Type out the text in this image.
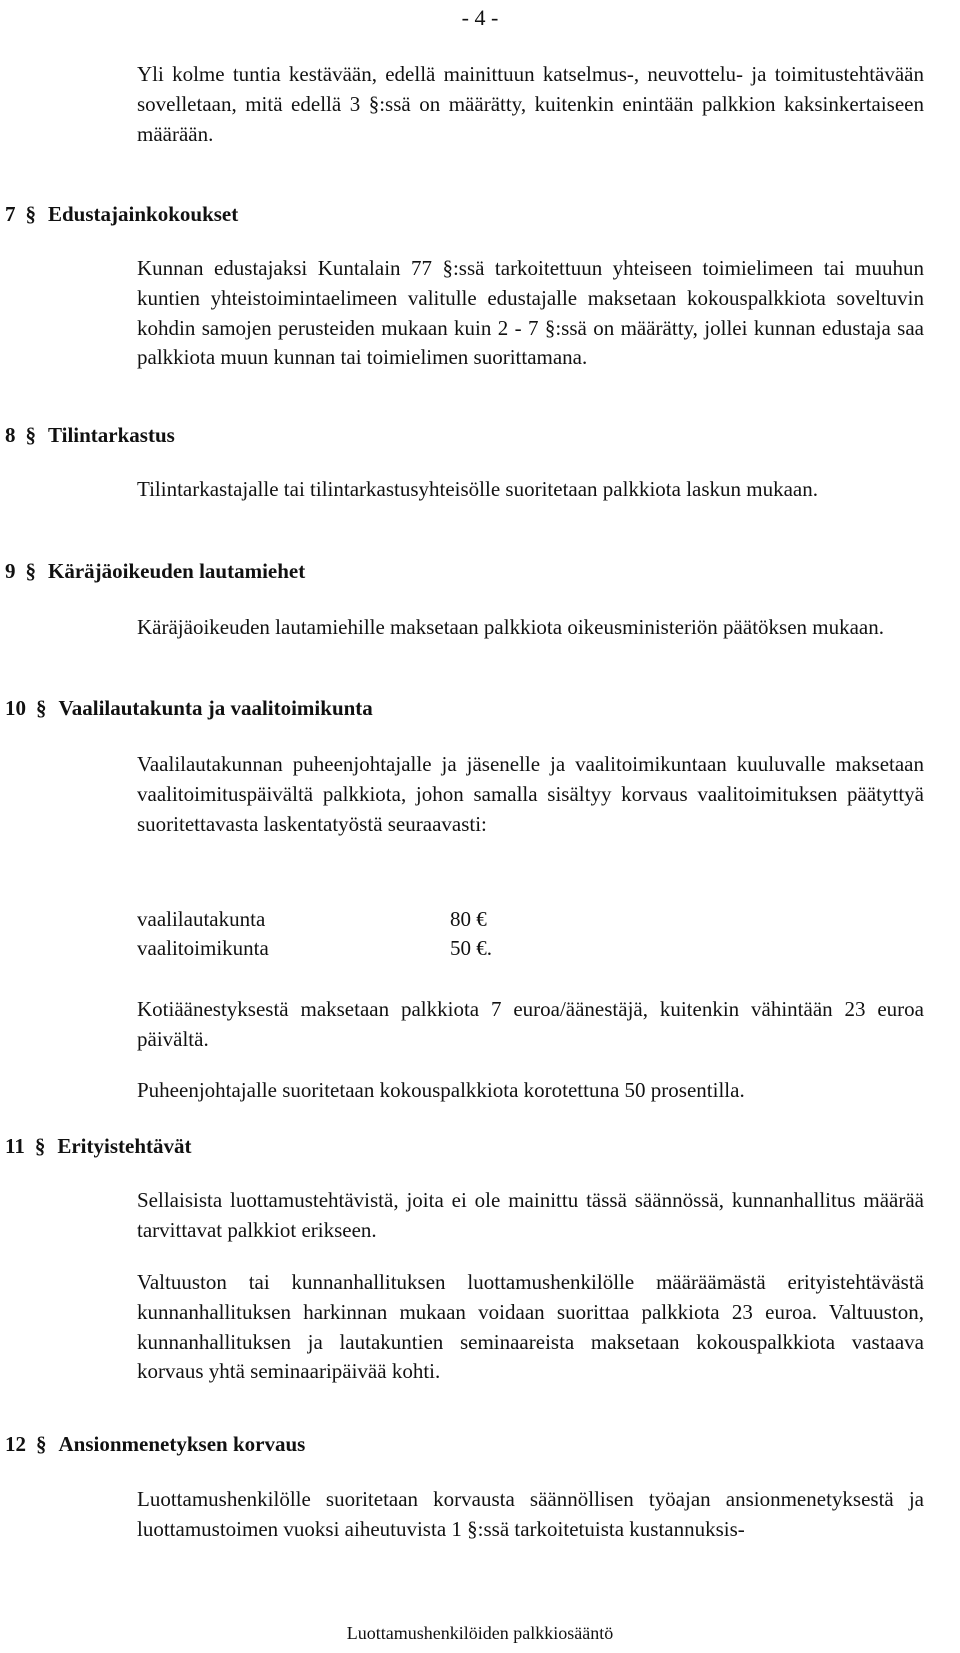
- 4 -

Yli kolme tuntia kestävään, edellä mainittuun katselmus-, neuvottelu- ja toimitustehtävään sovelletaan, mitä edellä 3 §:ssä on määrätty, kuitenkin enintään palkkion kaksinkertaiseen määrään.

7 § Edustajainkokoukset

Kunnan edustajaksi Kuntalain 77 §:ssä tarkoitettuun yhteiseen toimielimeen tai muuhun kuntien yhteistoimintaelimeen valitulle edustajalle maksetaan kokouspalkkiota soveltuvin kohdin samojen perusteiden mukaan kuin 2 - 7 §:ssä on määrätty, jollei kunnan edustaja saa palkkiota muun kunnan tai toimielimen suorittamana.

8 § Tilintarkastus

Tilintarkastajalle tai tilintarkastusyhteisölle suoritetaan palkkiota laskun mukaan.

9 § Käräjäoikeuden lautamiehet

Käräjäoikeuden lautamiehille maksetaan palkkiota oikeusministeriön päätöksen mukaan.

10 § Vaalilautakunta ja vaalitoimikunta

Vaalilautakunnan puheenjohtajalle ja jäsenelle ja vaalitoimikuntaan kuuluvalle maksetaan vaalitoimituspäivältä palkkiota, johon samalla sisältyy korvaus vaalitoimituksen päätyttyä suoritettavasta laskentatyöstä seuraavasti:

vaalilautakunta	80 €
vaalitoimikunta	50 €.

Kotiäänestyksestä maksetaan palkkiota 7 euroa/äänestäjä, kuitenkin vähintään 23 euroa päivältä.

Puheenjohtajalle suoritetaan kokouspalkkiota korotettuna 50 prosentilla.

11 § Erityistehtävät

Sellaisista luottamustehtävistä, joita ei ole mainittu tässä säännössä, kunnanhallitus määrää tarvittavat palkkiot erikseen.

Valtuuston tai kunnanhallituksen luottamushenkilölle määräämästä erityistehtävästä kunnanhallituksen harkinnan mukaan voidaan suorittaa palkkiota 23 euroa. Valtuuston, kunnanhallituksen ja lautakuntien seminaareista maksetaan kokouspalkkiota vastaava korvaus yhtä seminaaripäivää kohti.

12 § Ansionmenetyksen korvaus

Luottamushenkilölle suoritetaan korvausta säännöllisen työajan ansionmenetyksestä ja luottamustoimen vuoksi aiheutuvista 1 §:ssä tarkoitetuista kustannuksis-

Luottamushenkilöiden palkkiosääntö
